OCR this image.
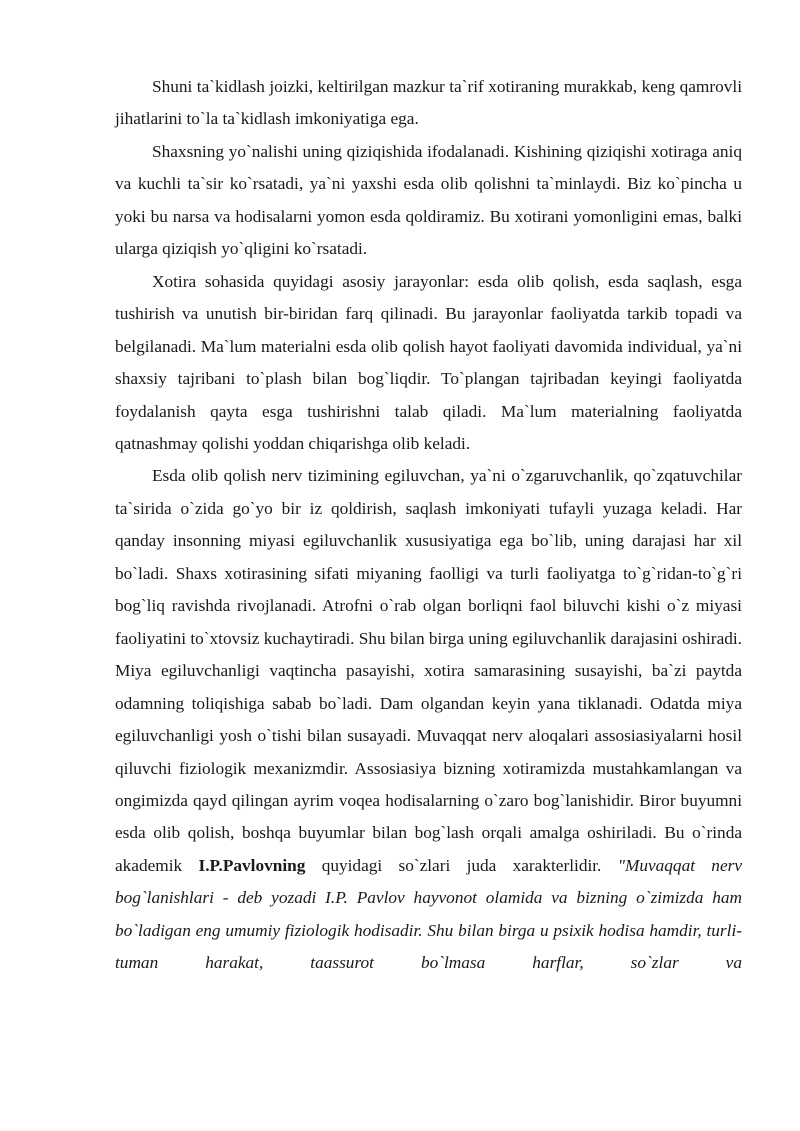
Shuni ta`kidlash joizki, keltirilgan mazkur ta`rif xotiraning murakkab, keng qamrovli jihatlarini to`la ta`kidlash imkoniyatiga ega.

Shaxsning yo`nalishi uning qiziqishida ifodalanadi. Kishining qiziqishi xotiraga aniq va kuchli ta`sir ko`rsatadi, ya`ni yaxshi esda olib qolishni ta`minlaydi. Biz ko`pincha u yoki bu narsa va hodisalarni yomon esda qoldiramiz. Bu xotirani yomonligini emas, balki ularga qiziqish yo`qligini ko`rsatadi.

Xotira sohasida quyidagi asosiy jarayonlar: esda olib qolish, esda saqlash, esga tushirish va unutish bir-biridan farq qilinadi. Bu jarayonlar faoliyatda tarkib topadi va belgilanadi. Ma`lum materialni esda olib qolish hayot faoliyati davomida individual, ya`ni shaxsiy tajribani to`plash bilan bog`liqdir. To`plangan tajribadan keyingi faoliyatda foydalanish qayta esga tushirishni talab qiladi. Ma`lum materialning faoliyatda qatnashmay qolishi yoddan chiqarishga olib keladi.

Esda olib qolish nerv tizimining egiluvchan, ya`ni o`zgaruvchanlik, qo`zqatuvchilar ta`sirida o`zida go`yo bir iz qoldirish, saqlash imkoniyati tufayli yuzaga keladi. Har qanday insonning miyasi egiluvchanlik xususiyatiga ega bo`lib, uning darajasi har xil bo`ladi. Shaxs xotirasining sifati miyaning faolligi va turli faoliyatga to`g`ridan-to`g`ri bog`liq ravishda rivojlanadi. Atrofni o`rab olgan borliqni faol biluvchi kishi o`z miyasi faoliyatini to`xtovsiz kuchaytiradi. Shu bilan birga uning egiluvchanlik darajasini oshiradi. Miya egiluvchanligi vaqtincha pasayishi, xotira samarasining susayishi, ba`zi paytda odamning toliqishiga sabab bo`ladi. Dam olgandan keyin yana tiklanadi. Odatda miya egiluvchanligi yosh o`tishi bilan susayadi. Muvaqqat nerv aloqalari assosiasiyalarni hosil qiluvchi fiziologik mexanizmdir. Assosiasiya bizning xotiramizda mustahkamlangan va ongimizda qayd qilingan ayrim voqea hodisalarning o`zaro bog`lanishidir. Biror buyumni esda olib qolish, boshqa buyumlar bilan bog`lash orqali amalga oshiriladi. Bu o`rinda akademik I.P.Pavlovning quyidagi so`zlari juda xarakterlidir. "Muvaqqat nerv bog`lanishlari - deb yozadi I.P. Pavlov hayvonot olamida va bizning o`zimizda ham bo`ladigan eng umumiy fiziologik hodisadir. Shu bilan birga u psixik hodisa hamdir, turli-tuman harakat, taassurot bo`lmasa harflar, so`zlar va
